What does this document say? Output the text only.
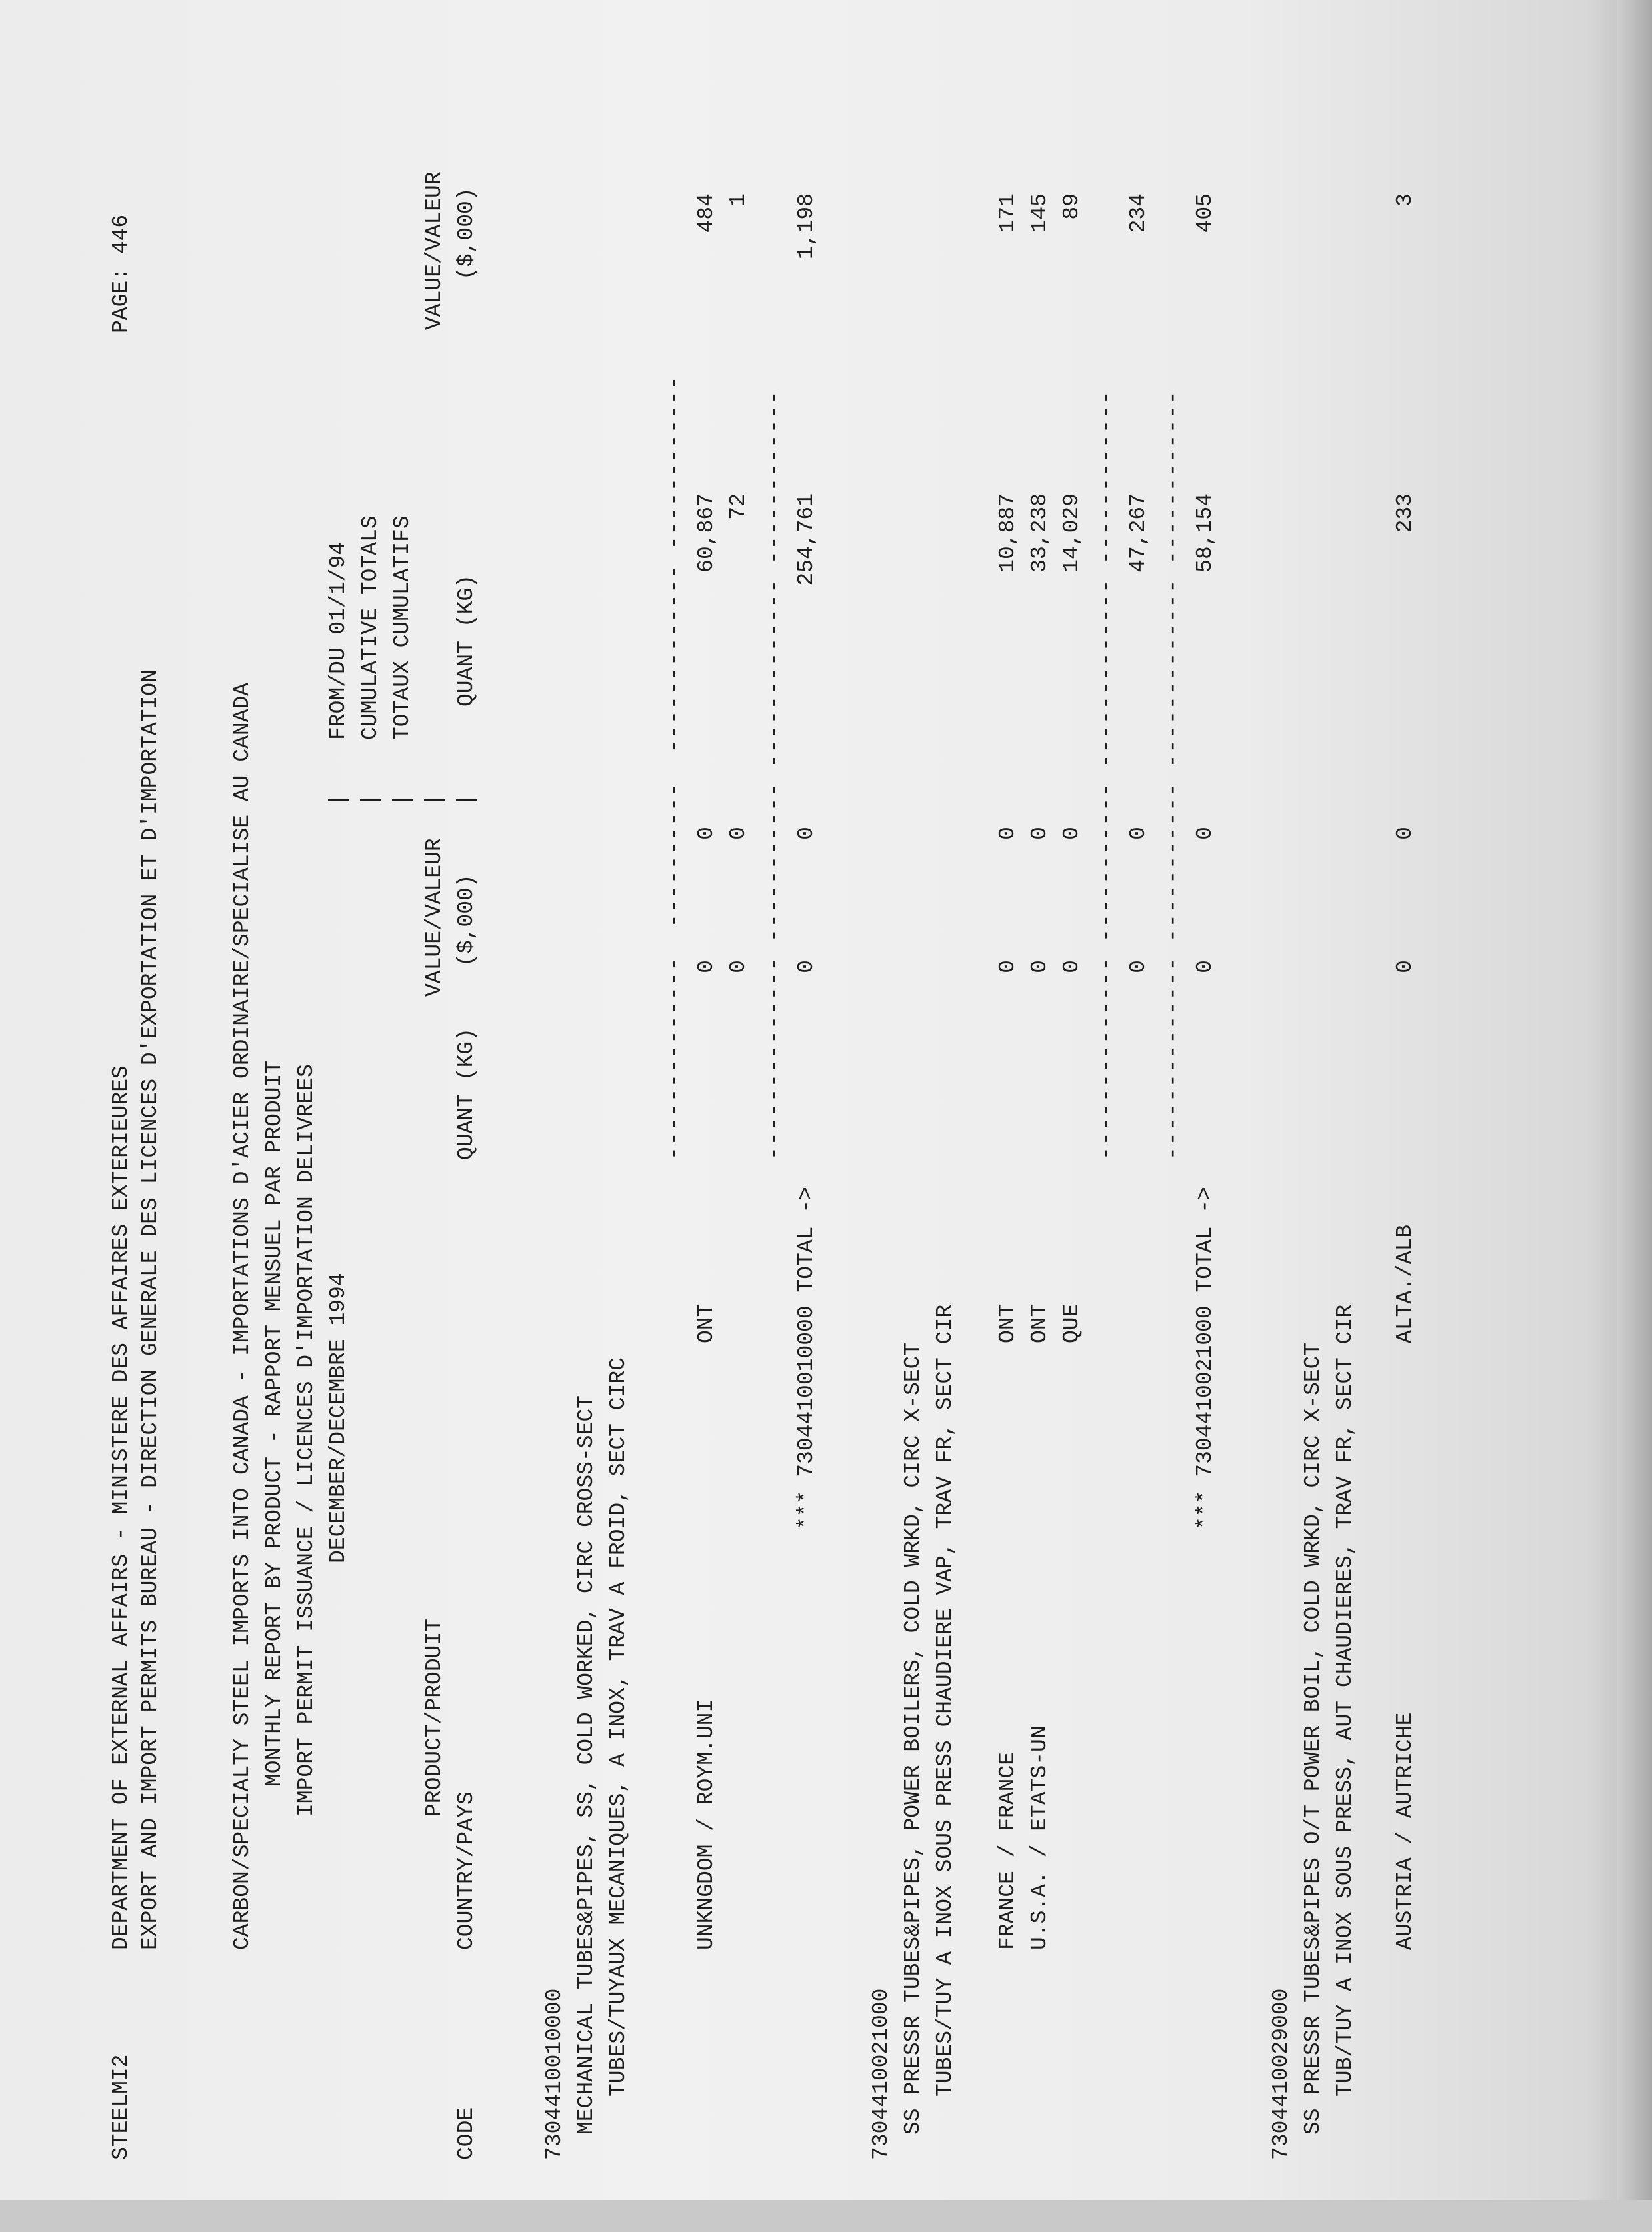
STEELMI2

DEPARTMENT OF EXTERNAL AFFAIRS - MINISTERE DES AFFAIRES EXTERIEURES

PAGE: 446

EXPORT AND IMPORT PERMITS BUREAU - DIRECTION GENERALE DES LICENCES D'EXPORTATION ET D'IMPORTATION

	CARBON/SPECIALTY STEEL IMPORTS INTO CANADA - IMPORTATIONS D'ACIER ORDINAIRE/SPECIALISE AU CANADA

MONTHLY REPORT BY PRODUCT - RAPPORT MENSUEL PAR PRODUIT

IMPORT PERMIT ISSUANCE / LICENCES D'IMPORTATION DELIVREES

DECEMBER/DECEMBRE 1994

|

FROM/DU 01/1/94

|

CUMULATIVE TOTALS

|

TOTAUX CUMULATIFS

PRODUCT/PRODUIT

VALUE/VALEUR

|

VALUE/VALEUR

CODE

COUNTRY/PAYS

QUANT (KG)

($,000)

|

QUANT (KG)

($,000)

7304410010000

MECHANICAL TUBES&PIPES, SS, COLD WORKED, CIRC CROSS-SECT

TUBES/TUYAUX MECANIQUES, A INOX, TRAV A FROID, SECT CIRC

--------------  ----------  ------------- ------------

UNKNGDOM / ROYM.UNI

ONT

0

0

60,867

484

0

0

72

1

-------------- ----------- ------------- ------------

*** 7304410010000 TOTAL ->

0

0

254,761

1,198

7304410021000

SS PRESSR TUBES&PIPES, POWER BOILERS, COLD WRKD, CIRC X-SECT

TUBES/TUY A INOX SOUS PRESS CHAUDIERE VAP, TRAV FR, SECT CIR

FRANCE / FRANCE

ONT

0

0

10,887

171

U.S.A. / ETATS-UN

ONT

0

0

33,238

145

QUE

0

0

14,029

89

-------------- ----------- ------------- ------------

0

0

47,267

234

-------------- ----------- ------------- ------------

*** 7304410021000 TOTAL ->

0

0

58,154

405

7304410029000

SS PRESSR TUBES&PIPES O/T POWER BOIL, COLD WRKD, CIRC X-SECT

TUB/TUY A INOX SOUS PRESS, AUT CHAUDIERES, TRAV FR, SECT CIR

AUSTRIA / AUTRICHE

ALTA./ALB

0

0

233

3
